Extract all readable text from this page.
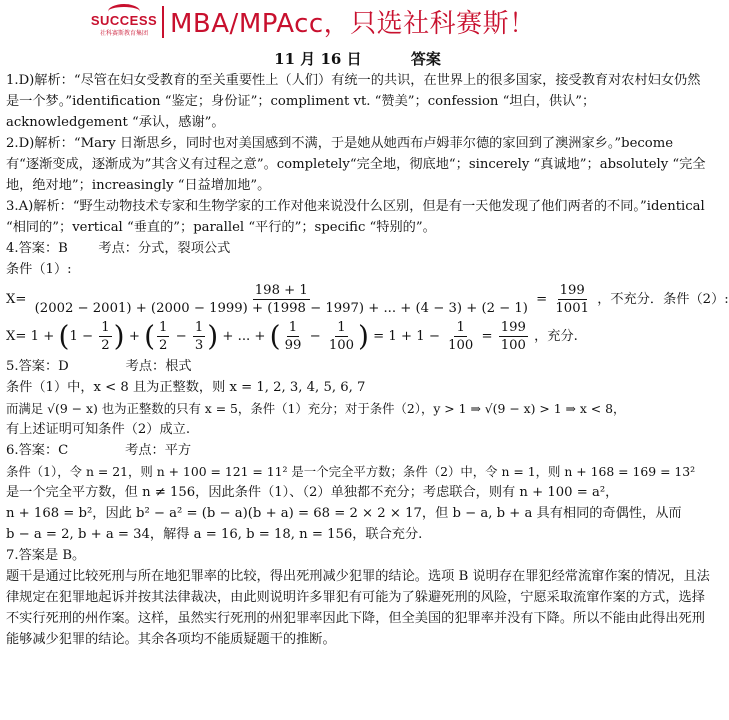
SUCCESS
社科赛斯教育集团 MBA/MPAcc，只选社科赛斯！
11 月 16 日	答案

1.D)解析：“尽管在妇女受教育的至关重要性上（人们）有统一的共识，在世界上的很多国家，接受教育对农村妇女仍然是一个梦。”identification “鉴定；身份证”；compliment vt. “赞美”；confession “坦白，供认”；acknowledgement “承认，感谢”。

2.D)解析：“Mary 日渐思乡，同时也对美国感到不满，于是她从她西布卢姆菲尔德的家回到了澳洲家乡。”become 有“逐渐变成，逐渐成为”其含义有过程之意”。completely“完全地，彻底地“；sincerely “真诚地”；absolutely “完全地，绝对地”；increasingly “日益增加地”。

3.A)解析：“野生动物技术专家和生物学家的工作对他来说没什么区别，但是有一天他发现了他们两者的不同。”identical “相同的”；vertical “垂直的”；parallel “平行的”；specific “特别的”。

4.答案：B　　 考点：分式，裂项公式

条件（1）:

X=
198 + 1
(2002 − 2001) + (2000 − 1999) + (1998 − 1997) + ... + (4 − 3) + (2 − 1)
= $\frac{199}{1001}$ ，不充分．条件（2）:
$X= 1 + (1 - \frac{1}{2}$ ) + ( $\frac{1}{2} - \frac{1}{3}$ ) + ... + ( $\frac{1}{99} - \frac{1}{100}$ ) = $1 + 1 - \frac{1}{100} = \frac{199}{100}$ ，充分.

5.答案：D　　　　 考点：根式

条件（1）中，x < 8 且为正整数，则 x = 1, 2, 3, 4, 5, 6, 7

而满足 √(9 − x) 也为正整数的只有 x = 5，条件（1）充分；对于条件（2），y > 1 ⇒ √(9 − x) > 1 ⇒ x < 8，

有上述证明可知条件（2）成立.

6.答案：C　　　　 考点：平方

条件（1），令 n = 21，则 n + 100 = 121 = 11² 是一个完全平方数；条件（2）中，令 n = 1，则 n + 168 = 169 = 13²

是一个完全平方数，但 n ≠ 156，因此条件（1）、（2）单独都不充分；考虑联合，则有 n + 100 = a²，

n + 168 = b²，因此 b² − a² = (b − a)(b + a) = 68 = 2 × 2 × 17，但 b − a, b + a 具有相同的奇偶性，从而

b − a = 2, b + a = 34，解得 a = 16, b = 18, n = 156，联合充分.

7.答案是 B。

题干是通过比较死刑与所在地犯罪率的比较，得出死刑减少犯罪的结论。选项 B 说明存在罪犯经常流窜作案的情况，且法律规定在犯罪地起诉并按其法律裁决，由此则说明许多罪犯有可能为了躲避死刑的风险，宁愿采取流窜作案的方式，选择不实行死刑的州作案。这样，虽然实行死刑的州犯罪率因此下降，但全美国的犯罪率并没有下降。所以不能由此得出死刑能够减少犯罪的结论。其余各项均不能质疑题干的推断。
